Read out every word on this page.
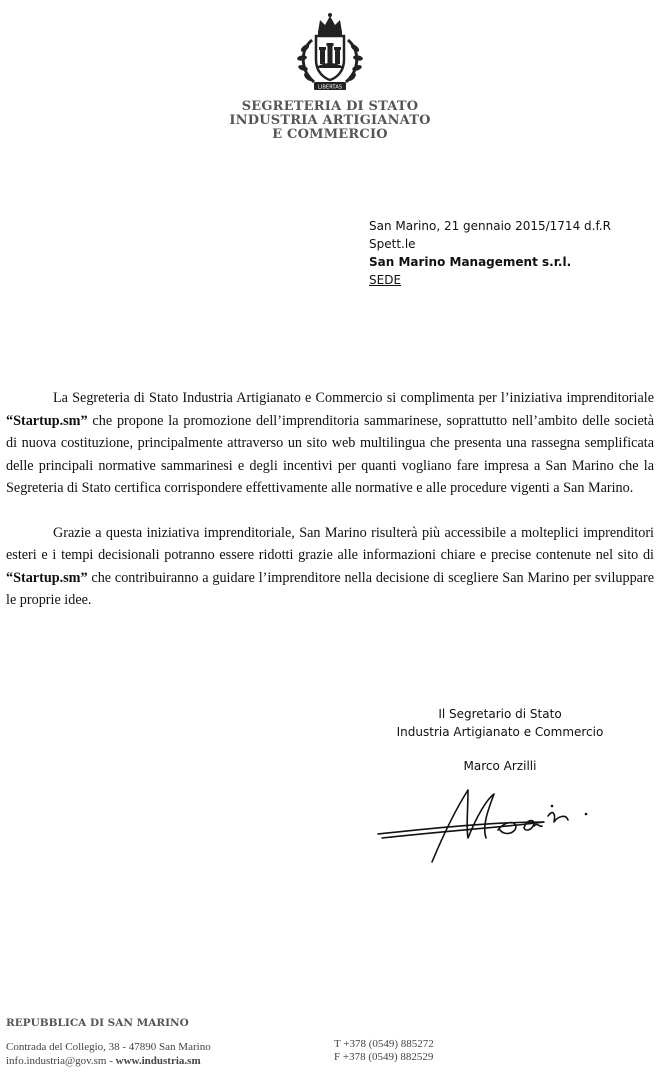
LIBERTAS
SEGRETERIA DI STATO
INDUSTRIA ARTIGIANATO
E COMMERCIO
San Marino, 21 gennaio 2015/1714 d.f.R
Spett.le
San Marino Management s.r.l.
SEDE

La Segreteria di Stato Industria Artigianato e Commercio si complimenta per l’iniziativa imprenditoriale “Startup.sm” che propone la promozione dell’imprenditoria sammarinese, soprattutto nell’ambito delle società di nuova costituzione, principalmente attraverso un sito web multilingua che presenta una rassegna semplificata delle principali normative sammarinesi e degli incentivi per quanti vogliano fare impresa a San Marino che la Segreteria di Stato certifica corrispondere effettivamente alle normative e alle procedure vigenti a San Marino.

Grazie a questa iniziativa imprenditoriale, San Marino risulterà più accessibile a molteplici imprenditori esteri e i tempi decisionali potranno essere ridotti grazie alle informazioni chiare e precise contenute nel sito di “Startup.sm” che contribuiranno a guidare l’imprenditore nella decisione di scegliere San Marino per sviluppare le proprie idee.

Il Segretario di Stato
Industria Artigianato e Commercio
Marco Arzilli
REPUBBLICA DI SAN MARINO
Contrada del Collegio, 38 - 47890 San Marino
info.industria@gov.sm - www.industria.sm
T +378 (0549) 885272
F +378 (0549) 882529
